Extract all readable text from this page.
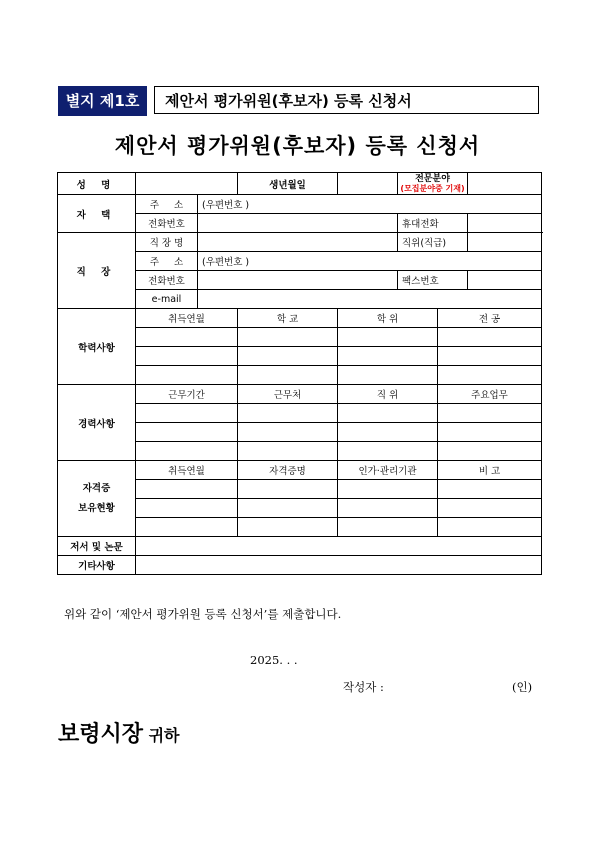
별지 제1호	제안서 평가위원(후보자) 등록 신청서
제안서 평가위원(후보자) 등록 신청서
성 명			생년월일		전문분야
(모집분야중 기재)		

자 택	주 소	(우편번호 )					
	전화번호				휴대전화		
직 장	직 장 명				직위(직급)		
	주 소	(우편번호 )					
	전화번호				팩스번호		
	e-mail						
학력사항	취득연월		학 교	학 위		전 공	

경력사항	근무기간		근무처	직 위		주요업무	

자격증
보유현황	취득연월		자격증명	인가·관리기관		비 고	

저서 및 논문							
기타사항							
위와 같이 ‘제안서 평가위원 등록 신청서’를 제출합니다.
2025. . .
작성자 :	(인)
보령시장 귀하
